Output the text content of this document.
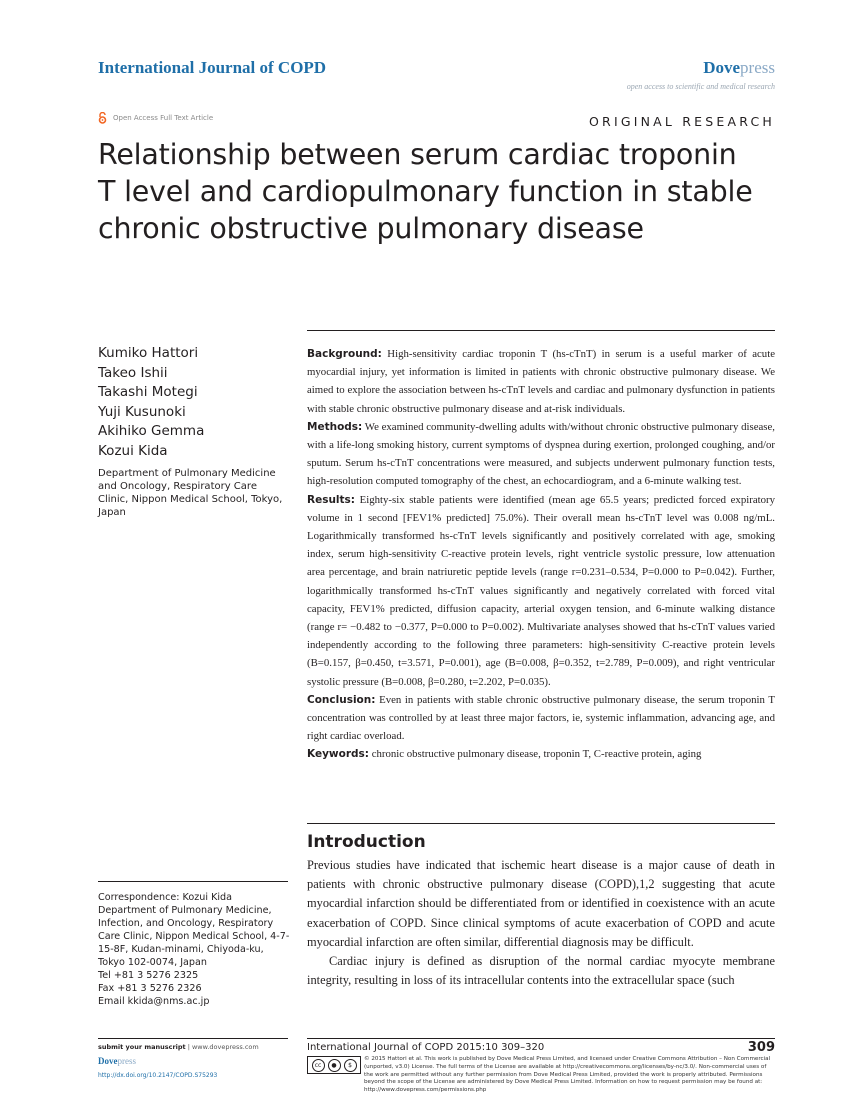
International Journal of COPD	Dovepress
open access to scientific and medical research
Open Access Full Text Article	ORIGINAL RESEARCH
Relationship between serum cardiac troponin T level and cardiopulmonary function in stable chronic obstructive pulmonary disease
Kumiko Hattori
Takeo Ishii
Takashi Motegi
Yuji Kusunoki
Akihiko Gemma
Kozui Kida
Department of Pulmonary Medicine and Oncology, Respiratory Care Clinic, Nippon Medical School, Tokyo, Japan

Background: High-sensitivity cardiac troponin T (hs-cTnT) in serum is a useful marker of acute myocardial injury, yet information is limited in patients with chronic obstructive pulmonary disease. We aimed to explore the association between hs-cTnT levels and cardiac and pulmonary dysfunction in patients with stable chronic obstructive pulmonary disease and at-risk individuals.

Methods: We examined community-dwelling adults with/without chronic obstructive pulmonary disease, with a life-long smoking history, current symptoms of dyspnea during exertion, prolonged coughing, and/or sputum. Serum hs-cTnT concentrations were measured, and subjects underwent pulmonary function tests, high-resolution computed tomography of the chest, an echocardiogram, and a 6-minute walking test.

Results: Eighty-six stable patients were identified (mean age 65.5 years; predicted forced expiratory volume in 1 second [FEV1% predicted] 75.0%). Their overall mean hs-cTnT level was 0.008 ng/mL. Logarithmically transformed hs-cTnT levels significantly and positively correlated with age, smoking index, serum high-sensitivity C-reactive protein levels, right ventricle systolic pressure, low attenuation area percentage, and brain natriuretic peptide levels (range r=0.231–0.534, P=0.000 to P=0.042). Further, logarithmically transformed hs-cTnT values significantly and negatively correlated with forced vital capacity, FEV1% predicted, diffusion capacity, arterial oxygen tension, and 6-minute walking distance (range r= −0.482 to −0.377, P=0.000 to P=0.002). Multivariate analyses showed that hs-cTnT values varied independently according to the following three parameters: high-sensitivity C-reactive protein levels (B=0.157, β=0.450, t=3.571, P=0.001), age (B=0.008, β=0.352, t=2.789, P=0.009), and right ventricular systolic pressure (B=0.008, β=0.280, t=2.202, P=0.035).

Conclusion: Even in patients with stable chronic obstructive pulmonary disease, the serum troponin T concentration was controlled by at least three major factors, ie, systemic inflammation, advancing age, and right cardiac overload.

Keywords: chronic obstructive pulmonary disease, troponin T, C-reactive protein, aging

Introduction

Previous studies have indicated that ischemic heart disease is a major cause of death in patients with chronic obstructive pulmonary disease (COPD),1,2 suggesting that acute myocardial infarction should be differentiated from or identified in coexistence with an acute exacerbation of COPD. Since clinical symptoms of acute exacerbation of COPD and acute myocardial infarction are often similar, differential diagnosis may be difficult.

Cardiac injury is defined as disruption of the normal cardiac myocyte membrane integrity, resulting in loss of its intracellular contents into the extracellular space (such

Correspondence: Kozui Kida
Department of Pulmonary Medicine, Infection, and Oncology, Respiratory Care Clinic, Nippon Medical School, 4-7-15-8F, Kudan-minami, Chiyoda-ku, Tokyo 102-0074, Japan
Tel +81 3 5276 2325
Fax +81 3 5276 2326
Email kkida@nms.ac.jp
submit your manuscript | www.dovepress.com
Dovepress
http://dx.doi.org/10.2147/COPD.S75293
International Journal of COPD 2015:10 309–320	309
cc	●	$
© 2015 Hattori et al. This work is published by Dove Medical Press Limited, and licensed under Creative Commons Attribution – Non Commercial (unported, v3.0) License. The full terms of the License are available at http://creativecommons.org/licenses/by-nc/3.0/. Non-commercial uses of the work are permitted without any further permission from Dove Medical Press Limited, provided the work is properly attributed. Permissions beyond the scope of the License are administered by Dove Medical Press Limited. Information on how to request permission may be found at: http://www.dovepress.com/permissions.php
